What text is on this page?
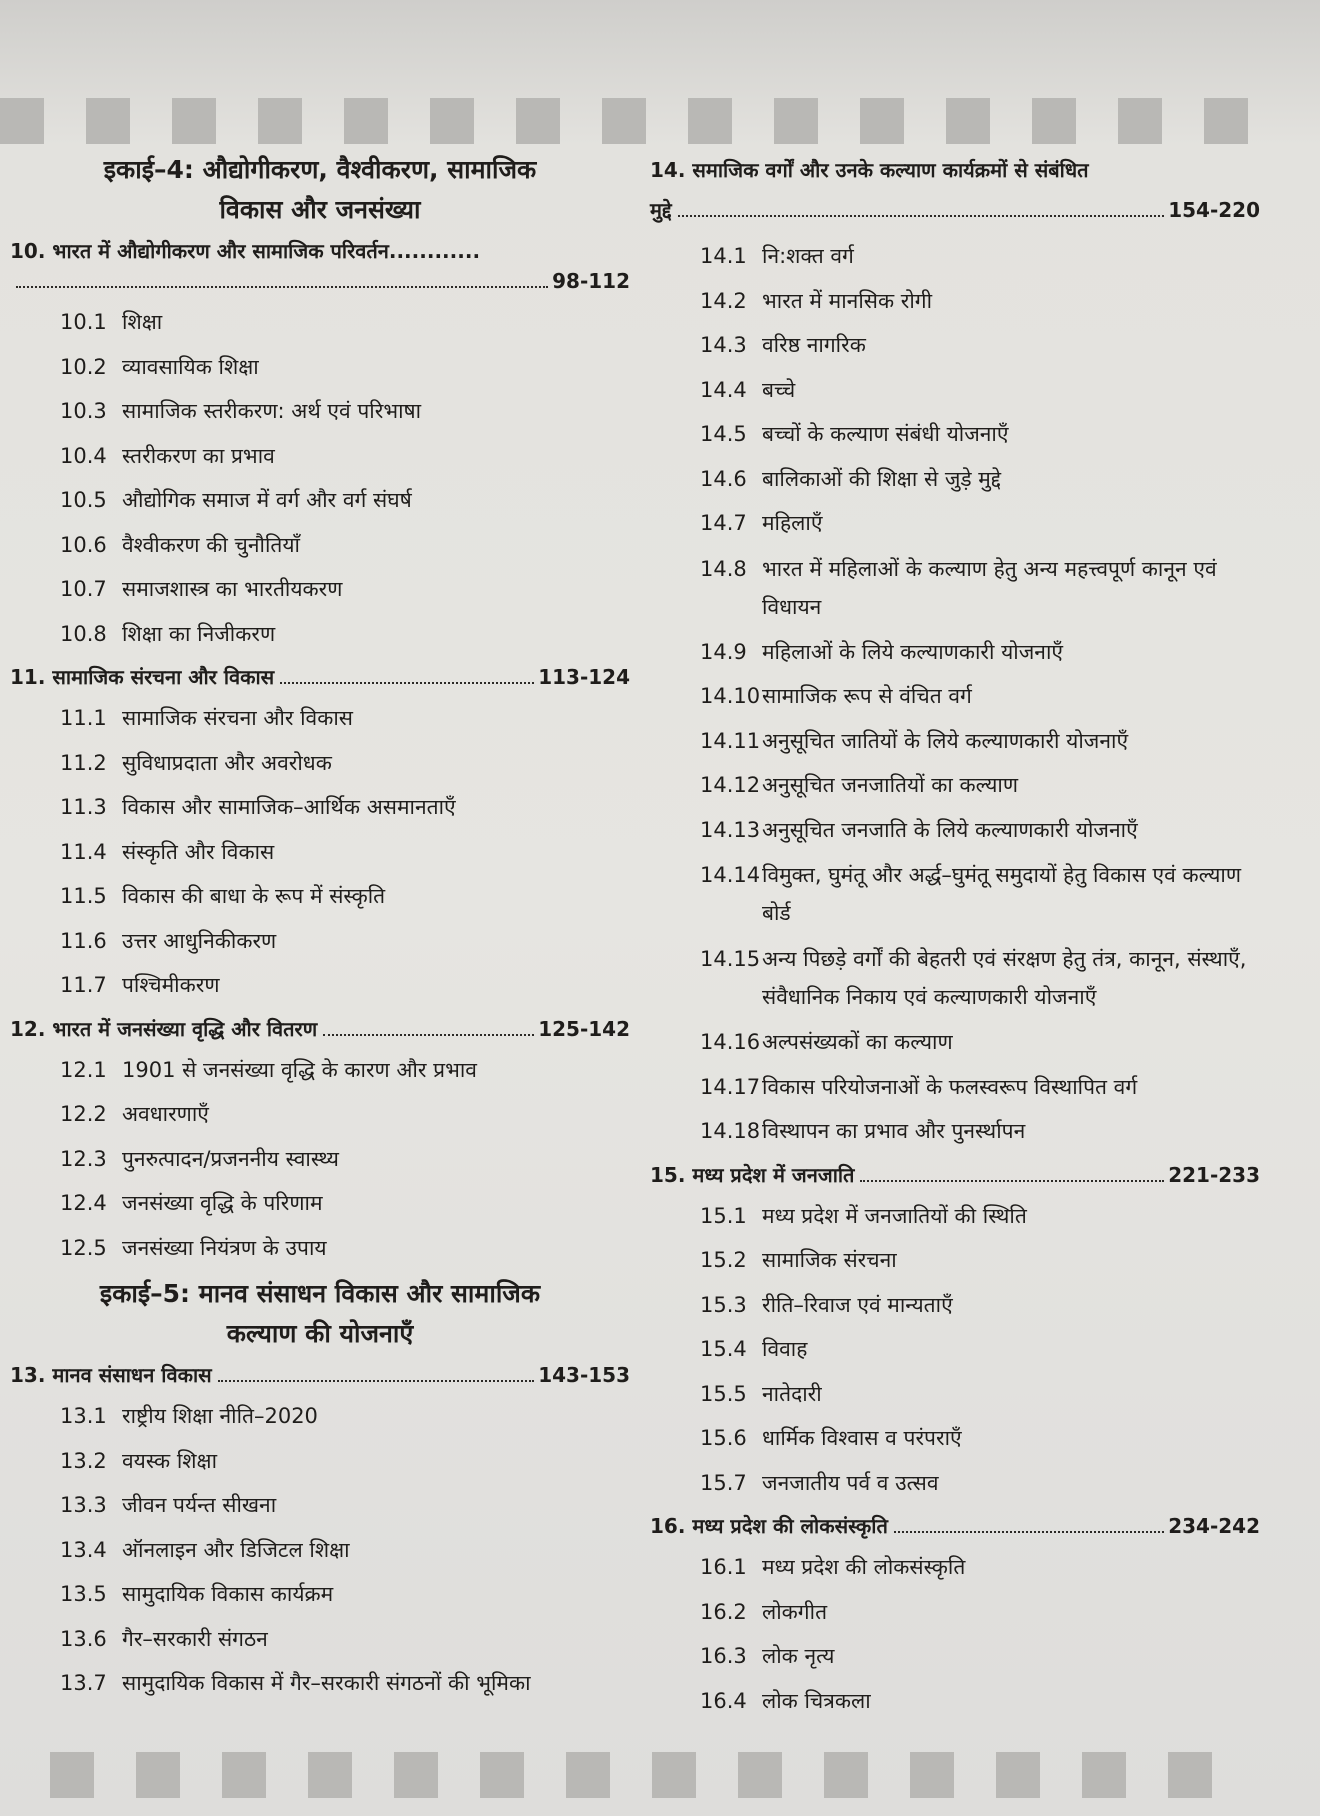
इकाई–4: औद्योगीकरण, वैश्वीकरण, सामाजिक
विकास और जनसंख्या
10. भारत में औद्योगीकरण और सामाजिक परिवर्तन............
98-112
10.1 शिक्षा
10.2 व्यावसायिक शिक्षा
10.3 सामाजिक स्तरीकरण: अर्थ एवं परिभाषा
10.4 स्तरीकरण का प्रभाव
10.5 औद्योगिक समाज में वर्ग और वर्ग संघर्ष
10.6 वैश्वीकरण की चुनौतियाँ
10.7 समाजशास्त्र का भारतीयकरण
10.8 शिक्षा का निजीकरण
11. सामाजिक संरचना और विकास	113-124
11.1 सामाजिक संरचना और विकास
11.2 सुविधाप्रदाता और अवरोधक
11.3 विकास और सामाजिक–आर्थिक असमानताएँ
11.4 संस्कृति और विकास
11.5 विकास की बाधा के रूप में संस्कृति
11.6 उत्तर आधुनिकीकरण
11.7 पश्चिमीकरण
12. भारत में जनसंख्या वृद्धि और वितरण	125-142
12.1 1901 से जनसंख्या वृद्धि के कारण और प्रभाव
12.2 अवधारणाएँ
12.3 पुनरुत्पादन/प्रजननीय स्वास्थ्य
12.4 जनसंख्या वृद्धि के परिणाम
12.5 जनसंख्या नियंत्रण के उपाय
इकाई–5: मानव संसाधन विकास और सामाजिक
कल्याण की योजनाएँ
13. मानव संसाधन विकास	143-153
13.1 राष्ट्रीय शिक्षा नीति–2020
13.2 वयस्क शिक्षा
13.3 जीवन पर्यन्त सीखना
13.4 ऑनलाइन और डिजिटल शिक्षा
13.5 सामुदायिक विकास कार्यक्रम
13.6 गैर–सरकारी संगठन
13.7 सामुदायिक विकास में गैर–सरकारी संगठनों की भूमिका
14. समाजिक वर्गों और उनके कल्याण कार्यक्रमों से संबंधित
मुद्दे	154-220
14.1 नि:शक्त वर्ग
14.2 भारत में मानसिक रोगी
14.3 वरिष्ठ नागरिक
14.4 बच्चे
14.5 बच्चों के कल्याण संबंधी योजनाएँ
14.6 बालिकाओं की शिक्षा से जुड़े मुद्दे
14.7 महिलाएँ
14.8 भारत में महिलाओं के कल्याण हेतु अन्य महत्त्वपूर्ण कानून एवं विधायन
14.9 महिलाओं के लिये कल्याणकारी योजनाएँ
14.10 सामाजिक रूप से वंचित वर्ग
14.11 अनुसूचित जातियों के लिये कल्याणकारी योजनाएँ
14.12 अनुसूचित जनजातियों का कल्याण
14.13 अनुसूचित जनजाति के लिये कल्याणकारी योजनाएँ
14.14 विमुक्त, घुमंतू और अर्द्ध–घुमंतू समुदायों हेतु विकास एवं कल्याण बोर्ड
14.15 अन्य पिछड़े वर्गों की बेहतरी एवं संरक्षण हेतु तंत्र, कानून, संस्थाएँ, संवैधानिक निकाय एवं कल्याणकारी योजनाएँ
14.16 अल्पसंख्यकों का कल्याण
14.17 विकास परियोजनाओं के फलस्वरूप विस्थापित वर्ग
14.18 विस्थापन का प्रभाव और पुनर्स्थापन
15. मध्य प्रदेश में जनजाति	221-233
15.1 मध्य प्रदेश में जनजातियों की स्थिति
15.2 सामाजिक संरचना
15.3 रीति–रिवाज एवं मान्यताएँ
15.4 विवाह
15.5 नातेदारी
15.6 धार्मिक विश्वास व परंपराएँ
15.7 जनजातीय पर्व व उत्सव
16. मध्य प्रदेश की लोकसंस्कृति	234-242
16.1 मध्य प्रदेश की लोकसंस्कृति
16.2 लोकगीत
16.3 लोक नृत्य
16.4 लोक चित्रकला
